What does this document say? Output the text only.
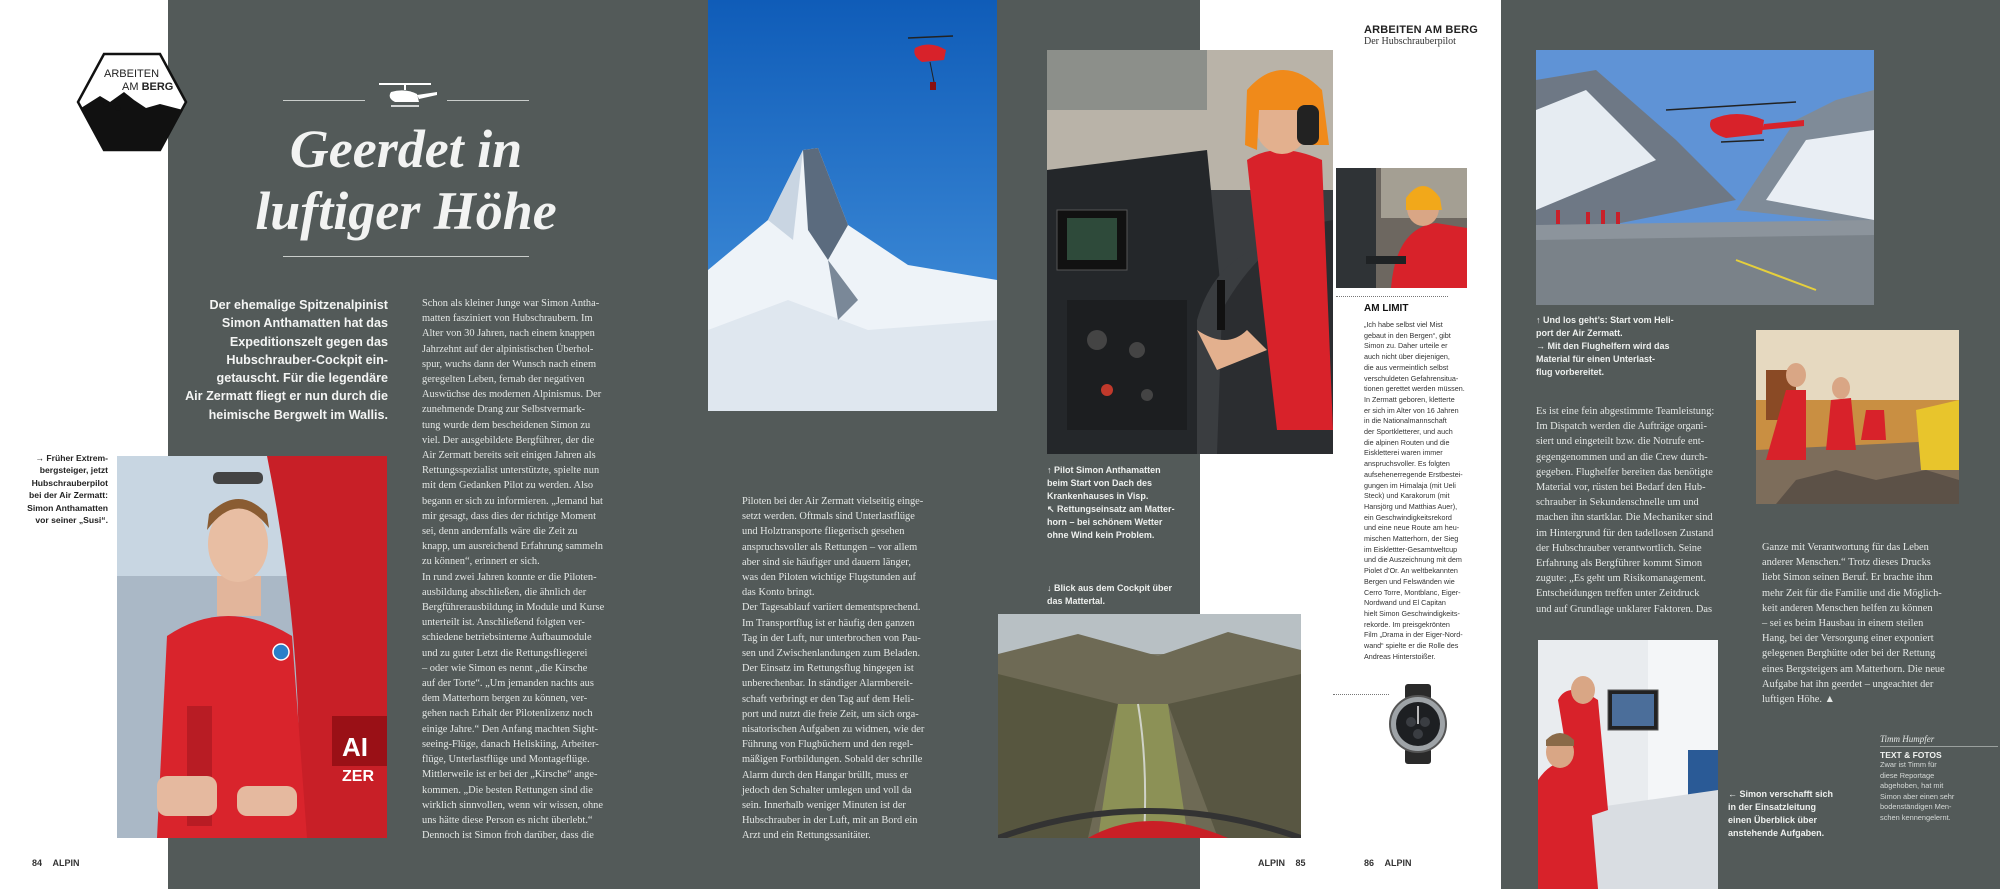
ARBEITEN
AM BERG
Geerdet in
luftiger Höhe
Der ehemalige Spitzenalpinist
Simon Anthamatten hat das
Expeditionszelt gegen das
Hubschrauber-Cockpit ein-
getauscht. Für die legendäre
Air Zermatt fliegt er nun durch die
heimische Bergwelt im Wallis.
→ Früher Extrem-
bergsteiger, jetzt
Hubschrauberpilot
bei der Air Zermatt:
Simon Anthamatten
vor seiner „Susi“.
AI
ZER
Schon als kleiner Junge war Simon Antha-
matten fasziniert von Hubschraubern. Im
Alter von 30 Jahren, nach einem knappen
Jahrzehnt auf der alpinistischen Überhol-
spur, wuchs dann der Wunsch nach einem
geregelten Leben, fernab der negativen
Auswüchse des modernen Alpinismus. Der
zunehmende Drang zur Selbstvermark-
tung wurde dem bescheidenen Simon zu
viel. Der ausgebildete Bergführer, der die
Air Zermatt bereits seit einigen Jahren als
Rettungsspezialist unterstützte, spielte nun
mit dem Gedanken Pilot zu werden. Also
begann er sich zu informieren. „Jemand hat
mir gesagt, dass dies der richtige Moment
sei, denn andernfalls wäre die Zeit zu
knapp, um ausreichend Erfahrung sammeln
zu können“, erinnert er sich.
In rund zwei Jahren konnte er die Piloten-
ausbildung abschließen, die ähnlich der
Bergführerausbildung in Module und Kurse
unterteilt ist. Anschließend folgten ver-
schiedene betriebsinterne Aufbaumodule
und zu guter Letzt die Rettungsfliegerei
– oder wie Simon es nennt „die Kirsche
auf der Torte“. „Um jemanden nachts aus
dem Matterhorn bergen zu können, ver-
gehen nach Erhalt der Pilotenlizenz noch
einige Jahre.“ Den Anfang machten Sight-
seeing-Flüge, danach Heliskiing, Arbeiter-
flüge, Unterlastflüge und Montageflüge.
Mittlerweile ist er bei der „Kirsche“ ange-
kommen. „Die besten Rettungen sind die
wirklich sinnvollen, wenn wir wissen, ohne
uns hätte diese Person es nicht überlebt.“
Dennoch ist Simon froh darüber, dass die
84 ALPIN
↑ Pilot Simon Anthamatten
beim Start von Dach des
Krankenhauses in Visp.
↖ Rettungseinsatz am Matter-
horn – bei schönem Wetter
ohne Wind kein Problem.
↓ Blick aus dem Cockpit über
das Mattertal.
Piloten bei der Air Zermatt vielseitig einge-
setzt werden. Oftmals sind Unterlastflüge
und Holztransporte fliegerisch gesehen
anspruchsvoller als Rettungen – vor allem
aber sind sie häufiger und dauern länger,
was den Piloten wichtige Flugstunden auf
das Konto bringt.
Der Tagesablauf variiert dementsprechend.
Im Transportflug ist er häufig den ganzen
Tag in der Luft, nur unterbrochen von Pau-
sen und Zwischenlandungen zum Beladen.
Der Einsatz im Rettungsflug hingegen ist
unberechenbar. In ständiger Alarmbereit-
schaft verbringt er den Tag auf dem Heli-
port und nutzt die freie Zeit, um sich orga-
nisatorischen Aufgaben zu widmen, wie der
Führung von Flugbüchern und den regel-
mäßigen Fortbildungen. Sobald der schrille
Alarm durch den Hangar brüllt, muss er
jedoch den Schalter umlegen und voll da
sein. Innerhalb weniger Minuten ist der
Hubschrauber in der Luft, mit an Bord ein
Arzt und ein Rettungssanitäter.
ALPIN 85
ARBEITEN AM BERG
Der Hubschrauberpilot
AM LIMIT
„Ich habe selbst viel Mist
gebaut in den Bergen“, gibt
Simon zu. Daher urteile er
auch nicht über diejenigen,
die aus vermeintlich selbst
verschuldeten Gefahrensitua-
tionen gerettet werden müssen.
In Zermatt geboren, kletterte
er sich im Alter von 16 Jahren
in die Nationalmannschaft
der Sportkletterer, und auch
die alpinen Routen und die
Eiskletterei waren immer
anspruchsvoller. Es folgten
aufsehenerregende Erstbestei-
gungen im Himalaja (mit Ueli
Steck) und Karakorum (mit
Hansjörg und Matthias Auer),
ein Geschwindigkeitsrekord
und eine neue Route am heu-
mischen Matterhorn, der Sieg
im Eisklettter-Gesamtweltcup
und die Auszeichnung mit dem
Piolet d’Or. An weltbekannten
Bergen und Felswänden wie
Cerro Torre, Montblanc, Eiger-
Nordwand und El Capitan
hielt Simon Geschwindigkeits-
rekorde. Im preisgekrönten
Film „Drama in der Eiger-Nord-
wand“ spielte er die Rolle des
Andreas Hinterstoißer.
86 ALPIN
↑ Und los geht’s: Start vom Heli-
port der Air Zermatt.
→ Mit den Flughelfern wird das
Material für einen Unterlast-
flug vorbereitet.
Es ist eine fein abgestimmte Teamleistung:
Im Dispatch werden die Aufträge organi-
siert und eingeteilt bzw. die Notrufe ent-
gegengenommen und an die Crew durch-
gegeben. Flughelfer bereiten das benötigte
Material vor, rüsten bei Bedarf den Hub-
schrauber in Sekundenschnelle um und
machen ihn startklar. Die Mechaniker sind
im Hintergrund für den tadellosen Zustand
der Hubschrauber verantwortlich. Seine
Erfahrung als Bergführer kommt Simon
zugute: „Es geht um Risikomanagement.
Entscheidungen treffen unter Zeitdruck
und auf Grundlage unklarer Faktoren. Das
Ganze mit Verantwortung für das Leben
anderer Menschen.“ Trotz dieses Drucks
liebt Simon seinen Beruf. Er brachte ihm
mehr Zeit für die Familie und die Möglich-
keit anderen Menschen helfen zu können
– sei es beim Hausbau in einem steilen
Hang, bei der Versorgung einer exponiert
gelegenen Berghütte oder bei der Rettung
eines Bergsteigers am Matterhorn. Die neue
Aufgabe hat ihn geerdet – ungeachtet der
luftigen Höhe. ▲
← Simon verschafft sich
in der Einsatzleitung
einen Überblick über
anstehende Aufgaben.
Timm Humpfer
TEXT & FOTOS
Zwar ist Timm für
diese Reportage
abgehoben, hat mit
Simon aber einen sehr
bodenständigen Men-
schen kennengelernt.
